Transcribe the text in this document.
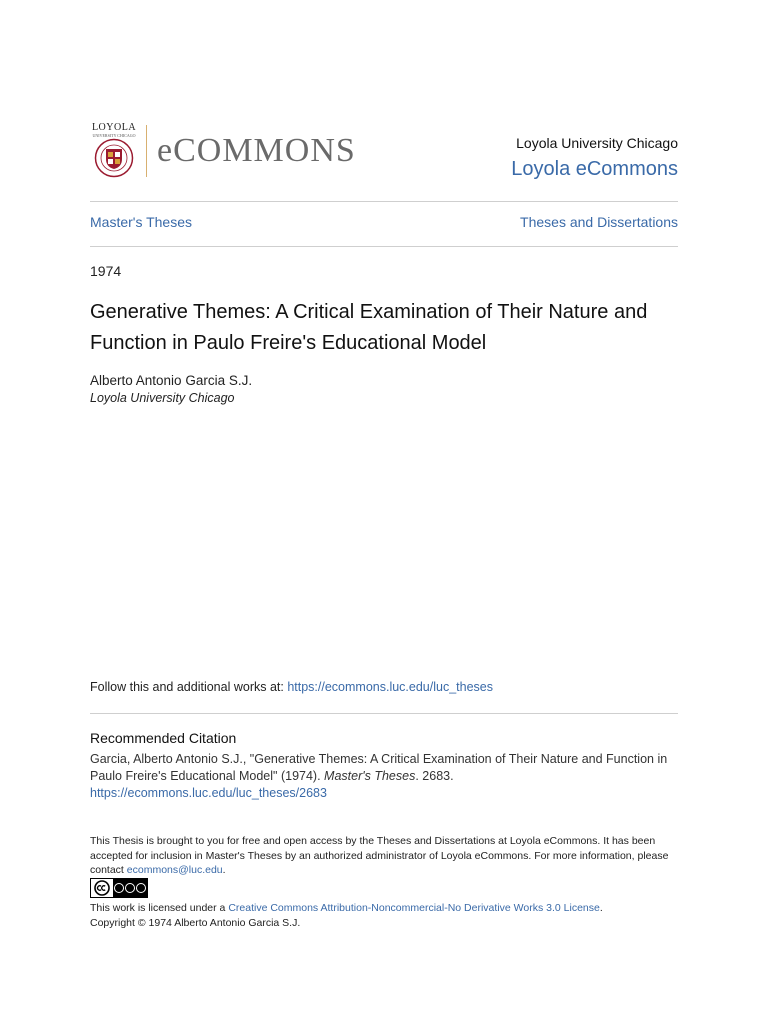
LOYOLA
UNIVERSITY CHICAGO eCOMMONS	Loyola University Chicago
Loyola eCommons
Master's Theses	Theses and Dissertations
1974
Generative Themes: A Critical Examination of Their Nature and Function in Paulo Freire's Educational Model
Alberto Antonio Garcia S.J.
Loyola University Chicago
Follow this and additional works at: https://ecommons.luc.edu/luc_theses
Recommended Citation
Garcia, Alberto Antonio S.J., "Generative Themes: A Critical Examination of Their Nature and Function in Paulo Freire's Educational Model" (1974). Master's Theses. 2683.
https://ecommons.luc.edu/luc_theses/2683
This Thesis is brought to you for free and open access by the Theses and Dissertations at Loyola eCommons. It has been accepted for inclusion in Master's Theses by an authorized administrator of Loyola eCommons. For more information, please contact ecommons@luc.edu.
This work is licensed under a Creative Commons Attribution-Noncommercial-No Derivative Works 3.0 License.
Copyright © 1974 Alberto Antonio Garcia S.J.
